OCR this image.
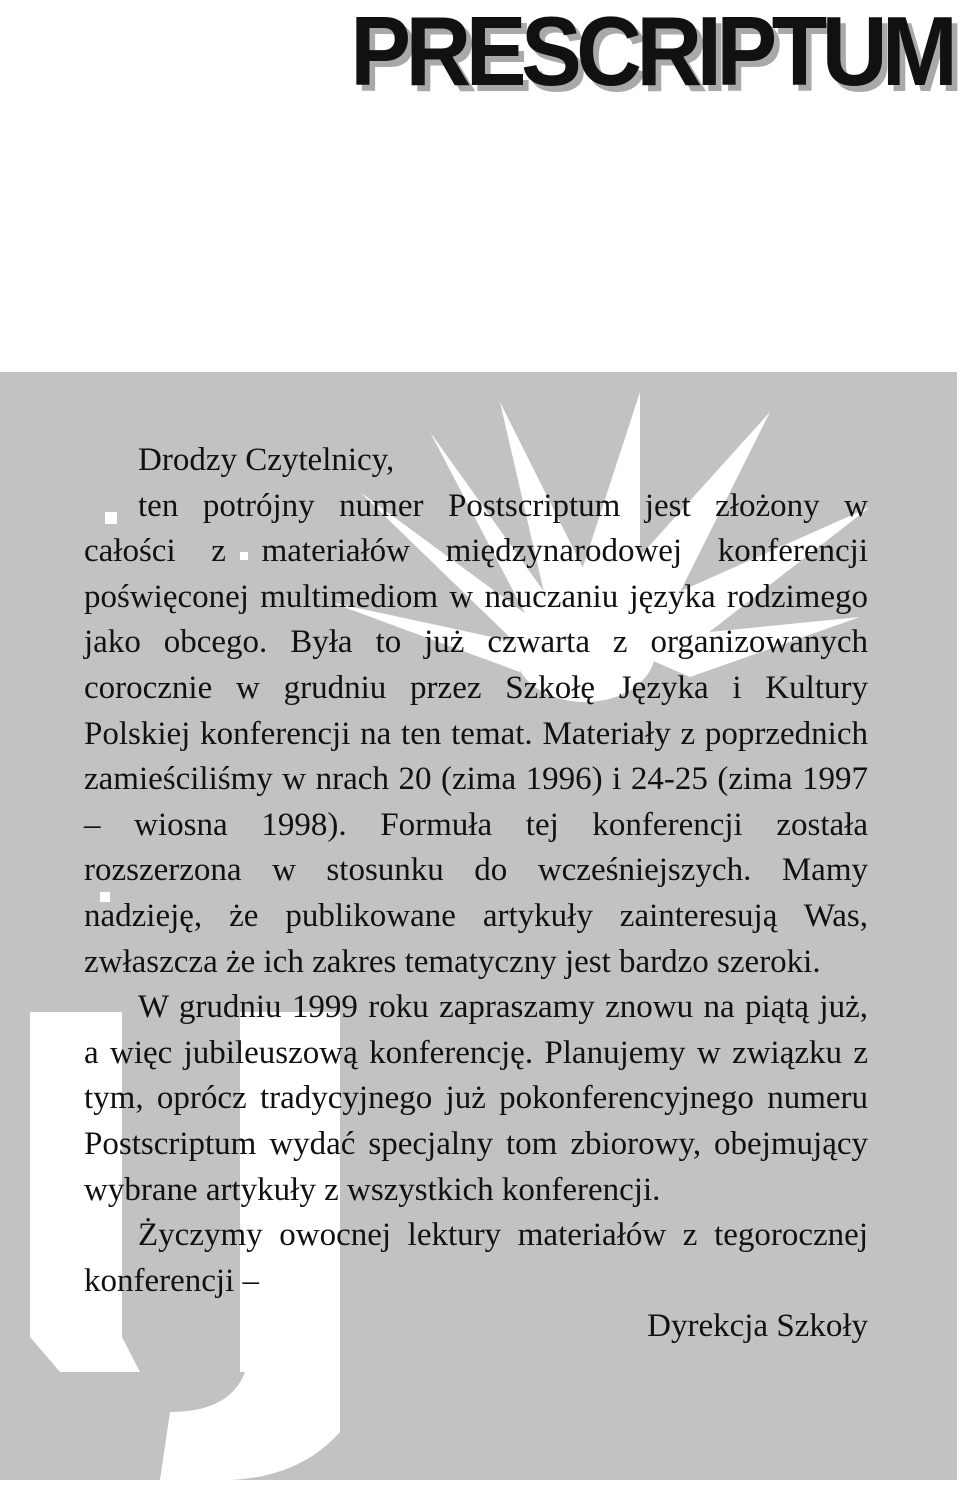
PRESCRIPTUM

Drodzy Czytelnicy,

ten potrójny numer Postscriptum jest złożony w całości z materiałów międzynarodowej konferencji poświęconej multimediom w nauczaniu języka rodzimego jako obcego. Była to już czwarta z organizowanych corocznie w grudniu przez Szkołę Języka i Kultury Polskiej konferencji na ten temat. Materiały z poprzednich zamieściliśmy w nrach 20 (zima 1996) i 24-25 (zima 1997 – wiosna 1998). Formuła tej konferencji została rozszerzona w stosunku do wcześniejszych. Mamy nadzieję, że publikowane artykuły zainteresują Was, zwłaszcza że ich zakres tematyczny jest bardzo szeroki.

W grudniu 1999 roku zapraszamy znowu na piątą już, a więc jubileuszową konferencję. Planujemy w związku z tym, oprócz tradycyjnego już pokonferencyjnego numeru Postscriptum wydać specjalny tom zbiorowy, obejmujący wybrane artykuły z wszystkich konferencji.

Życzymy owocnej lektury materiałów z tegorocznej konferencji –

Dyrekcja Szkoły
